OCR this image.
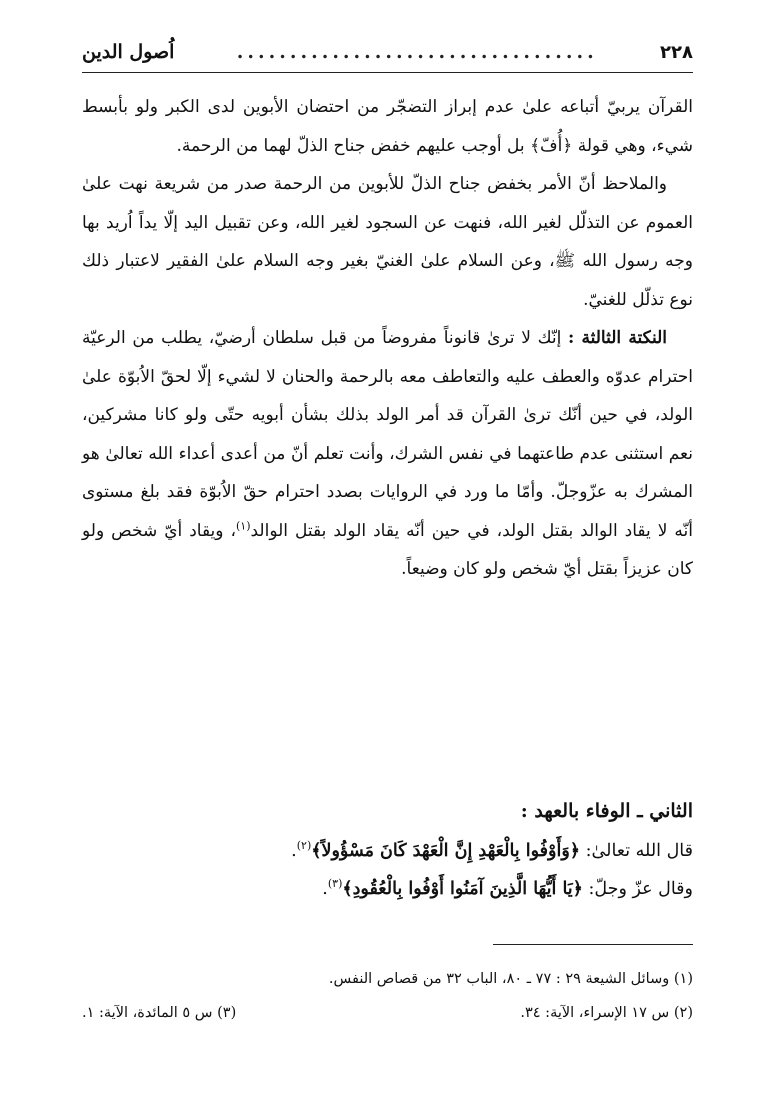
٢٢٨
..................................
اُصول الدين

القرآن يربيّ أتباعه علىٰ عدم إبراز التضجّر من احتضان الأبوين لدى الكبر ولو بأبسط شيء، وهي قولة ﴿أُفّ﴾ بل أوجب عليهم خفض جناح الذلّ لهما من الرحمة.

والملاحظ أنّ الأمر بخفض جناح الذلّ للأبوين من الرحمة صدر من شريعة نهت علىٰ العموم عن التذلّل لغير الله، فنهت عن السجود لغير الله، وعن تقبيل اليد إلّا يداً اُريد بها وجه رسول الله ﷺ، وعن السلام علىٰ الغنيّ بغير وجه السلام علىٰ الفقير لاعتبار ذلك نوع تذلّل للغنيّ.

النكتة الثالثة : إنّك لا ترىٰ قانوناً مفروضاً من قبل سلطان أرضيّ، يطلب من الرعيّة احترام عدوّه والعطف عليه والتعاطف معه بالرحمة والحنان لا لشيء إلّا لحقّ الاُبوّة علىٰ الولد، في حين أنّك ترىٰ القرآن قد أمر الولد بذلك بشأن أبويه حتّى ولو كانا مشركين، نعم استثنى عدم طاعتهما في نفس الشرك، وأنت تعلم أنّ من أعدى أعداء الله تعالىٰ هو المشرك به عزّوجلّ. وأمّا ما ورد في الروايات بصدد احترام حقّ الاُبوّة فقد بلغ مستوى أنّه لا يقاد الوالد بقتل الولد، في حين أنّه يقاد الولد بقتل الوالد$^{(١)}$، ويقاد أيّ شخص ولو كان عزيزاً بقتل أيّ شخص ولو كان وضيعاً.

الثاني ـ الوفاء بالعهد :

قال الله تعالىٰ: ﴿وَأَوْفُوا بِالْعَهْدِ إِنَّ الْعَهْدَ كَانَ مَسْؤُولاً﴾$^{(٢)}$.

وقال عزّ وجلّ: ﴿يَا أَيُّهَا الَّذِينَ آمَنُوا أَوْفُوا بِالْعُقُودِ﴾$^{(٣)}$.

(١) وسائل الشيعة ٢٩ : ٧٧ ـ ٨٠، الباب ٣٢ من قصاص النفس.
(٢) س ١٧ الإسراء، الآية: ٣٤.
(٣) س ٥ المائدة، الآية: ١.
